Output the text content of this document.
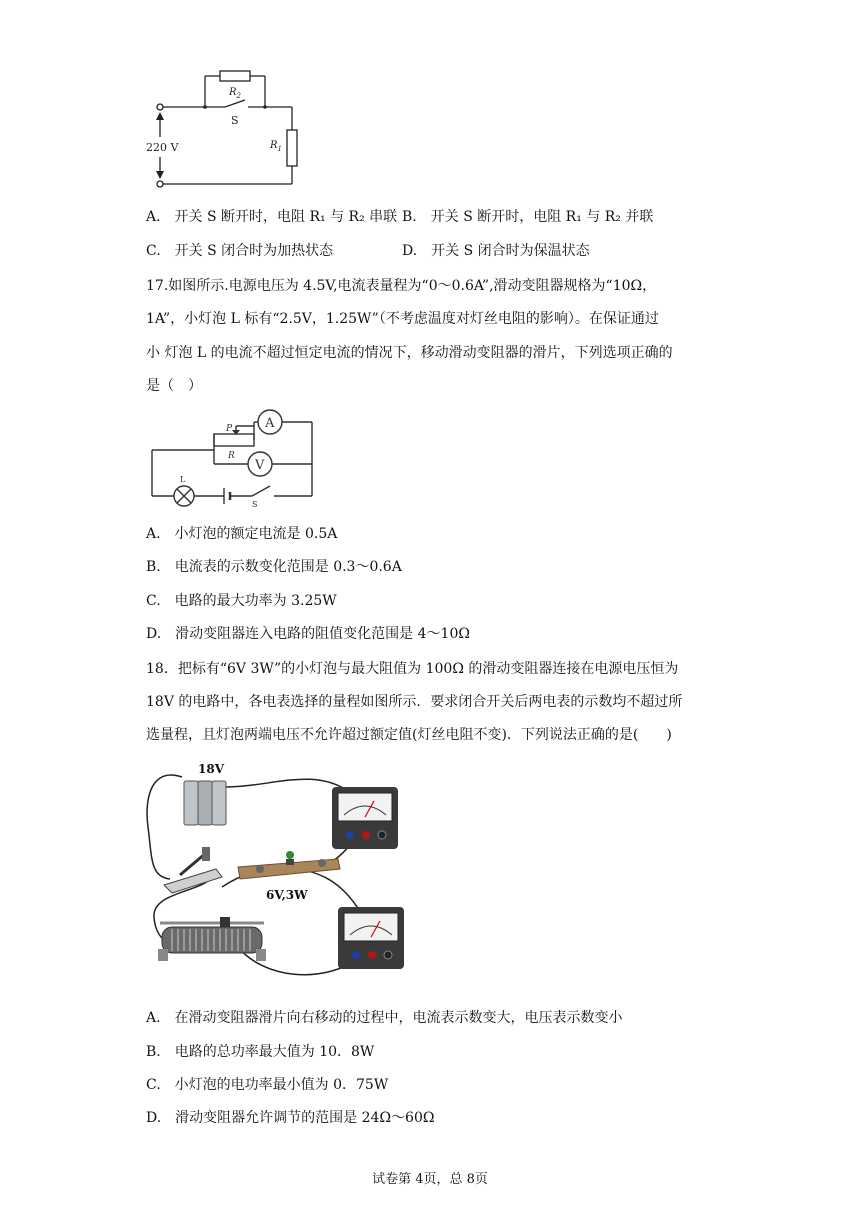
220 V
$R_2$
S
$R_1$
A.　开关 S 断开时，电阻 R₁ 与 R₂ 串联 B.　开关 S 断开时，电阻 R₁ 与 R₂ 并联
C.　开关 S 闭合时为加热状态	D.　开关 S 闭合时为保温状态
17.如图所示.电源电压为 4.5V,电流表量程为“0～0.6A”,滑动变阻器规格为“10Ω，
1A”，小灯泡 L 标有“2.5V，1.25W”（不考虑温度对灯丝电阻的影响）。在保证通过
小 灯泡 L 的电流不超过恒定电流的情况下，移动滑动变阻器的滑片，下列选项正确的
是（　）
A
V
P
R
L
S
A.　小灯泡的额定电流是 0.5A
B.　电流表的示数变化范围是 0.3～0.6A
C.　电路的最大功率为 3.25W
D.　滑动变阻器连入电路的阻值变化范围是 4～10Ω
18．把标有“6V 3W”的小灯泡与最大阻值为 100Ω 的滑动变阻器连接在电源电压恒为
18V 的电路中，各电表选择的量程如图所示．要求闭合开关后两电表的示数均不超过所
选量程，且灯泡两端电压不允许超过额定值(灯丝电阻不变)．下列说法正确的是(　　)
18V
6V,3W
A.　在滑动变阻器滑片向右移动的过程中，电流表示数变大，电压表示数变小
B.　电路的总功率最大值为 10．8W
C.　小灯泡的电功率最小值为 0．75W
D.　滑动变阻器允许调节的范围是 24Ω～60Ω
试卷第 4页，总 8页
